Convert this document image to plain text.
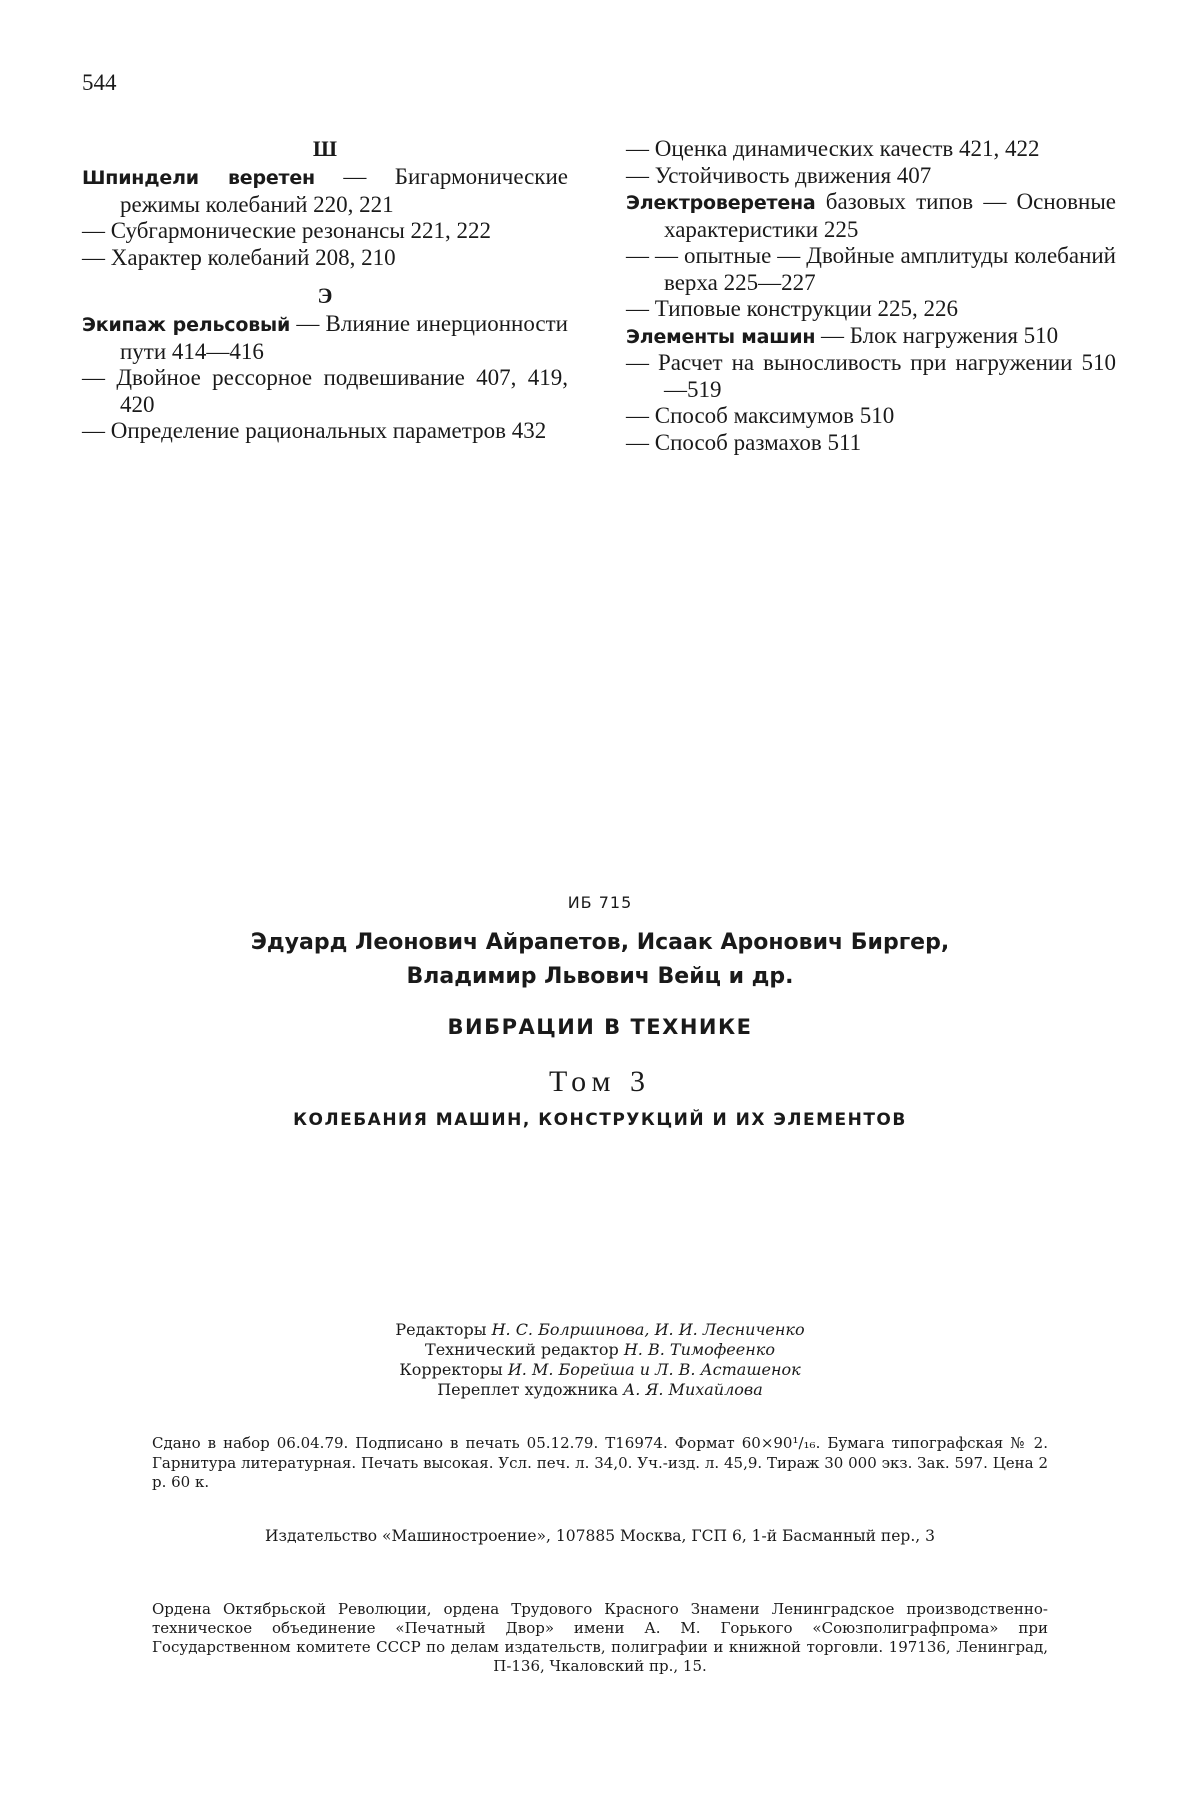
544
Ш
Шпиндели веретен — Бигармонические режимы колебаний 220, 221
— Субгармонические резонансы 221, 222
— Характер колебаний 208, 210
Э
Экипаж рельсовый — Влияние инерционности пути 414—416
— Двойное рессорное подвешивание 407, 419, 420
— Определение рациональных параметров 432
— Оценка динамических качеств 421, 422
— Устойчивость движения 407
Электроверетена базовых типов — Основные характеристики 225
— — опытные — Двойные амплитуды колебаний верха 225—227
— Типовые конструкции 225, 226
Элементы машин — Блок нагружения 510
— Расчет на выносливость при нагружении 510—519
— Способ максимумов 510
— Способ размахов 511
ИБ 715
Эдуард Леонович Айрапетов, Исаак Аронович Биргер,
Владимир Львович Вейц и др.
ВИБРАЦИИ В ТЕХНИКЕ
Том 3
КОЛЕБАНИЯ МАШИН, КОНСТРУКЦИЙ И ИХ ЭЛЕМЕНТОВ
Редакторы Н. С. Болршинова, И. И. Лесниченко
Технический редактор Н. В. Тимофеенко
Корректоры И. М. Борейша и Л. В. Асташенок
Переплет художника А. Я. Михайлова
Сдано в набор 06.04.79. Подписано в печать 05.12.79. Т16974. Формат 60×90¹/₁₆. Бумага типографская № 2. Гарнитура литературная. Печать высокая. Усл. печ. л. 34,0. Уч.-изд. л. 45,9. Тираж 30 000 экз. Зак. 597. Цена 2 р. 60 к.
Издательство «Машиностроение», 107885 Москва, ГСП 6, 1-й Басманный пер., 3
Ордена Октябрьской Революции, ордена Трудового Красного Знамени Ленинградское производственно-техническое объединение «Печатный Двор» имени А. М. Горького «Союзполиграфпрома» при Государственном комитете СССР по делам издательств, полиграфии и книжной торговли. 197136, Ленинград, П-136, Чкаловский пр., 15.
